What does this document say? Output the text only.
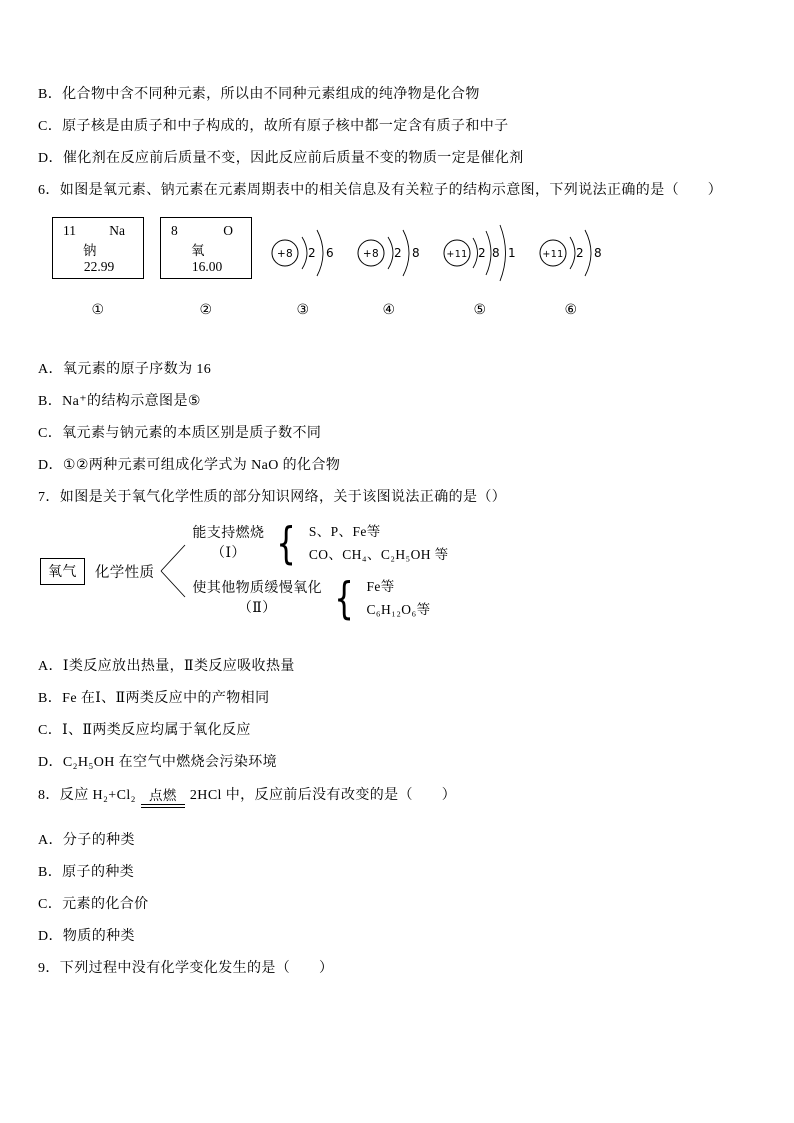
B．化合物中含不同种元素，所以由不同种元素组成的纯净物是化合物

C．原子核是由质子和中子构成的，故所有原子核中都一定含有质子和中子

D．催化剂在反应前后质量不变，因此反应前后质量不变的物质一定是催化剂

6．如图是氧元素、钠元素在元素周期表中的相关信息及有关粒子的结构示意图，下列说法正确的是（　　）

11 Na
钠
22.99
①
8	O
氧
16.00
②
+8 2 6
③
+8 2 8
④
+11 2 8 1
⑤
+11 2 8
⑥

A．氧元素的原子序数为 16

B．Na⁺的结构示意图是⑤

C．氧元素与钠元素的本质区别是质子数不同

D．①②两种元素可组成化学式为 NaO 的化合物

7．如图是关于氧气化学性质的部分知识网络，关于该图说法正确的是（）

氧气	化学性质
能支持燃烧
（Ⅰ） { S、P、Fe等
CO、CH₄、C₂H₅OH 等
使其他物质缓慢氧化
（Ⅱ） { Fe等
C₆H₁₂O₆等

A．Ⅰ类反应放出热量，Ⅱ类反应吸收热量

B．Fe 在Ⅰ、Ⅱ两类反应中的产物相同

C．Ⅰ、Ⅱ两类反应均属于氧化反应

D．C₂H₅OH 在空气中燃烧会污染环境

8．反应 H₂+Cl₂ 点燃 2HCl 中，反应前后没有改变的是（　　）

A．分子的种类

B．原子的种类

C．元素的化合价

D．物质的种类

9．下列过程中没有化学变化发生的是（　　）
